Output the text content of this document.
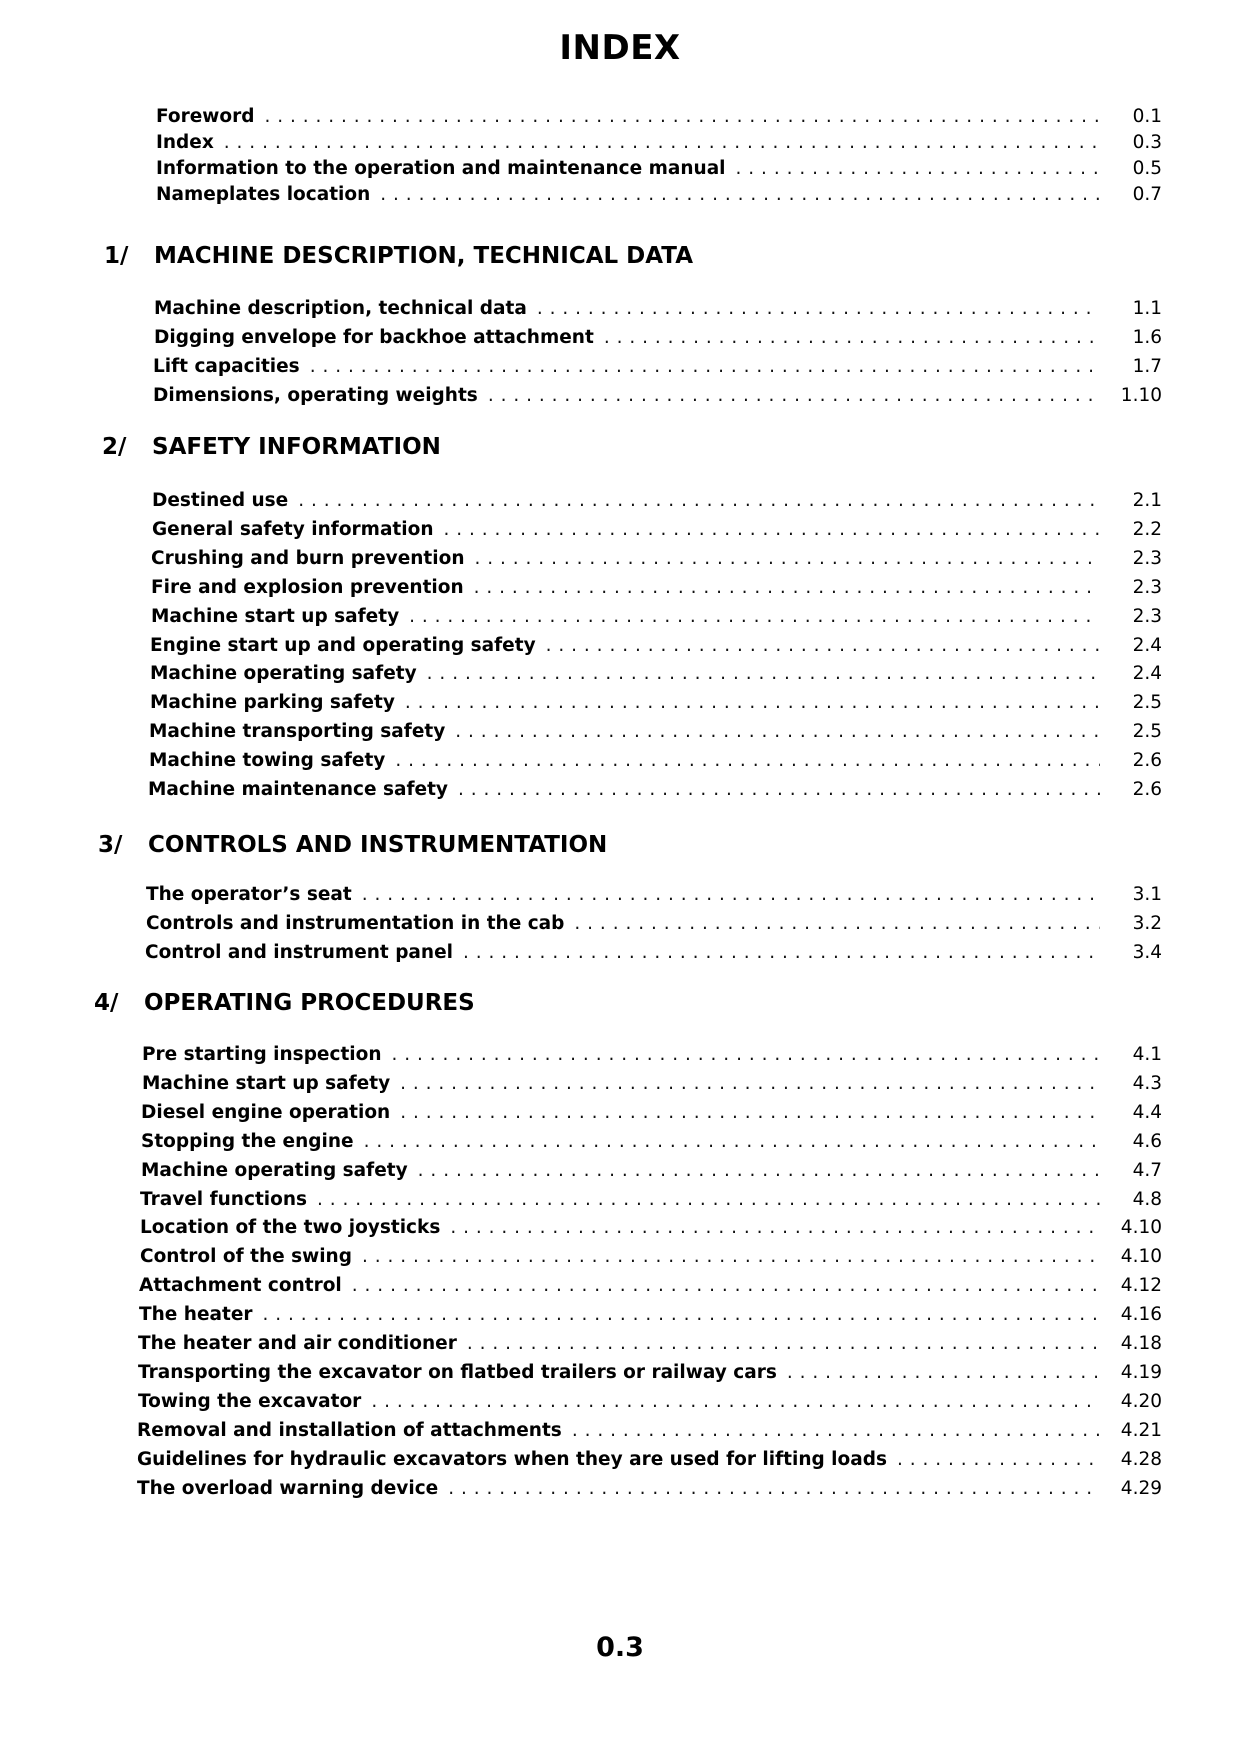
INDEX
Foreword . . .	0.1
Index . . .	0.3
Information to the operation and maintenance manual . . .	0.5
Nameplates location . . .	0.7
1/	MACHINE DESCRIPTION, TECHNICAL DATA
Machine description, technical data . . .	1.1
Digging envelope for backhoe attachment . . .	1.6
Lift capacities . . .	1.7
Dimensions, operating weights . . .	1.10
2/	SAFETY INFORMATION
Destined use . . .	2.1
General safety information . . .	2.2
Crushing and burn prevention . . .	2.3
Fire and explosion prevention . . .	2.3
Machine start up safety . . .	2.3
Engine start up and operating safety . . .	2.4
Machine operating safety . . .	2.4
Machine parking safety . . .	2.5
Machine transporting safety . . .	2.5
Machine towing safety . . .	2.6
Machine maintenance safety . . .	2.6
3/	CONTROLS AND INSTRUMENTATION
The operator’s seat . . .	3.1
Controls and instrumentation in the cab . . .	3.2
Control and instrument panel . . .	3.4
4/	OPERATING PROCEDURES
Pre starting inspection . . .	4.1
Machine start up safety . . .	4.3
Diesel engine operation . . .	4.4
Stopping the engine . . .	4.6
Machine operating safety . . .	4.7
Travel functions . . .	4.8
Location of the two joysticks . . .	4.10
Control of the swing . . .	4.10
Attachment control . . .	4.12
The heater . . .	4.16
The heater and air conditioner . . .	4.18
Transporting the excavator on flatbed trailers or railway cars . . .	4.19
Towing the excavator . . .	4.20
Removal and installation of attachments . . .	4.21
Guidelines for hydraulic excavators when they are used for lifting loads . . .	4.28
The overload warning device . . .	4.29
0.3
